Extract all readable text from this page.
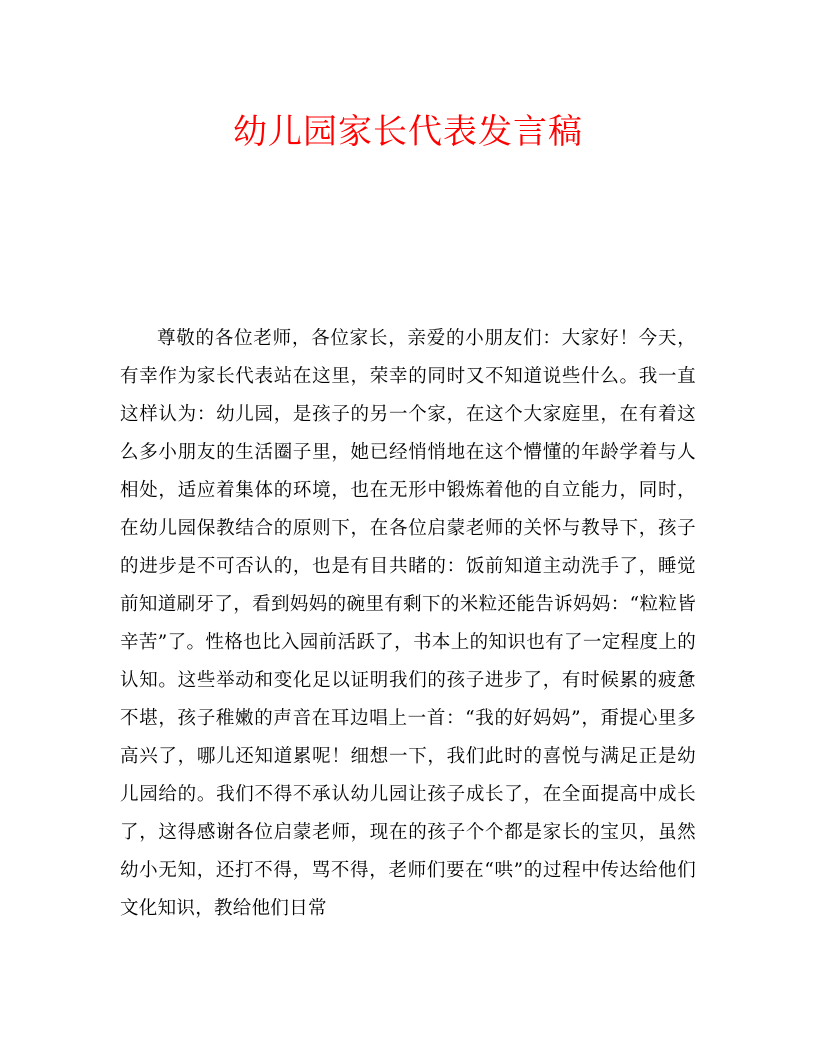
幼儿园家长代表发言稿

尊敬的各位老师，各位家长，亲爱的小朋友们：大家好！今天，有幸作为家长代表站在这里，荣幸的同时又不知道说些什么。我一直这样认为：幼儿园，是孩子的另一个家，在这个大家庭里，在有着这么多小朋友的生活圈子里，她已经悄悄地在这个懵懂的年龄学着与人相处，适应着集体的环境，也在无形中锻炼着他的自立能力，同时，在幼儿园保教结合的原则下，在各位启蒙老师的关怀与教导下，孩子的进步是不可否认的，也是有目共睹的：饭前知道主动洗手了，睡觉前知道刷牙了，看到妈妈的碗里有剩下的米粒还能告诉妈妈：“粒粒皆辛苦”了。性格也比入园前活跃了，书本上的知识也有了一定程度上的认知。这些举动和变化足以证明我们的孩子进步了，有时候累的疲惫不堪，孩子稚嫩的声音在耳边唱上一首：“我的好妈妈”，甭提心里多高兴了，哪儿还知道累呢！细想一下，我们此时的喜悦与满足正是幼儿园给的。我们不得不承认幼儿园让孩子成长了，在全面提高中成长了，这得感谢各位启蒙老师，现在的孩子个个都是家长的宝贝，虽然幼小无知，还打不得，骂不得，老师们要在“哄”的过程中传达给他们文化知识，教给他们日常
